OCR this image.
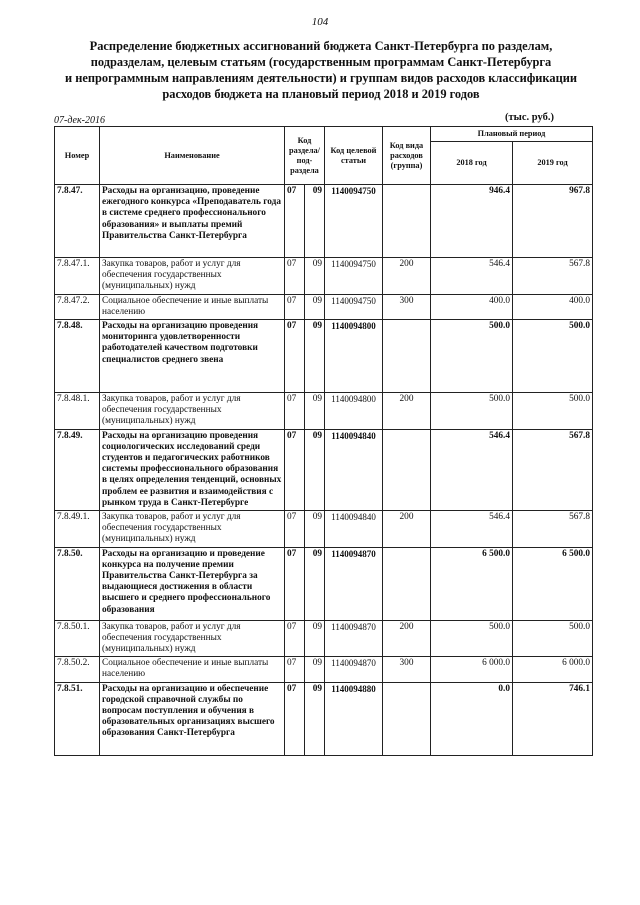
104
Распределение бюджетных ассигнований бюджета Санкт-Петербурга по разделам,
подразделам, целевым статьям (государственным программам Санкт-Петербурга
и непрограммным направлениям деятельности) и группам видов расходов классификации
расходов бюджета на плановый период 2018 и 2019 годов
07-дек-2016	(тыс. руб.)
Номер	Наименование	Код раздела/ под- раздела		Код целевой статьи	Код вида расходов (группа)	Плановый период	
						2018 год	2019 год
7.8.47.	Расходы на организацию, проведение ежегодного конкурса «Преподаватель года в системе среднего профессионального образования» и выплаты премий Правительства Санкт-Петербурга	07	09	1140094750		946.4	967.8
7.8.47.1.	Закупка товаров, работ и услуг для обеспечения государственных (муниципальных) нужд	07	09	1140094750	200	546.4	567.8
7.8.47.2.	Социальное обеспечение и иные выплаты населению	07	09	1140094750	300	400.0	400.0
7.8.48.	Расходы на организацию проведения мониторинга удовлетворенности работодателей качеством подготовки специалистов среднего звена	07	09	1140094800		500.0	500.0
7.8.48.1.	Закупка товаров, работ и услуг для обеспечения государственных (муниципальных) нужд	07	09	1140094800	200	500.0	500.0
7.8.49.	Расходы на организацию проведения социологических исследований среди студентов и педагогических работников системы профессионального образования в целях определения тенденций, основных проблем ее развития и взаимодействия с рынком труда в Санкт-Петербурге	07	09	1140094840		546.4	567.8
7.8.49.1.	Закупка товаров, работ и услуг для обеспечения государственных (муниципальных) нужд	07	09	1140094840	200	546.4	567.8
7.8.50.	Расходы на организацию и проведение конкурса на получение премии Правительства Санкт-Петербурга за выдающиеся достижения в области высшего и среднего профессионального образования	07	09	1140094870		6 500.0	6 500.0
7.8.50.1.	Закупка товаров, работ и услуг для обеспечения государственных (муниципальных) нужд	07	09	1140094870	200	500.0	500.0
7.8.50.2.	Социальное обеспечение и иные выплаты населению	07	09	1140094870	300	6 000.0	6 000.0
7.8.51.	Расходы на организацию и обеспечение городской справочной службы по вопросам поступления и обучения в образовательных организациях высшего образования Санкт-Петербурга	07	09	1140094880		0.0	746.1
